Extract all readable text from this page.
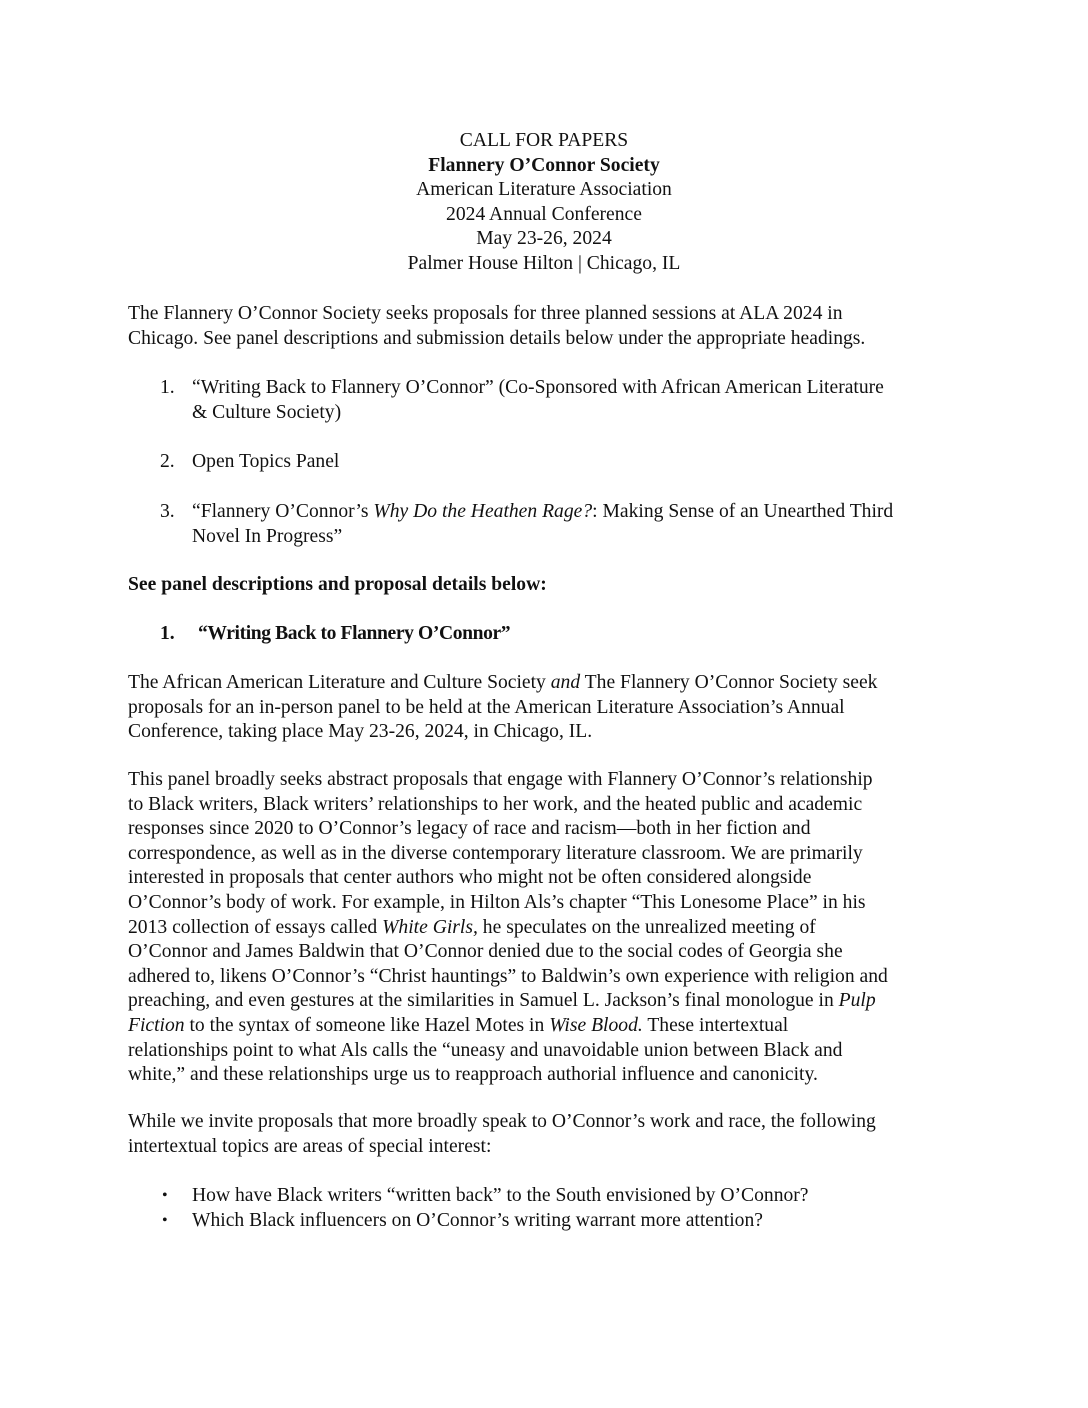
CALL FOR PAPERS
Flannery O’Connor Society
American Literature Association
2024 Annual Conference
May 23-26, 2024
Palmer House Hilton | Chicago, IL
The Flannery O’Connor Society seeks proposals for three planned sessions at ALA 2024 in
Chicago. See panel descriptions and submission details below under the appropriate headings.
1. “Writing Back to Flannery O’Connor” (Co-Sponsored with African American Literature
& Culture Society)
2. Open Topics Panel
3. “Flannery O’Connor’s Why Do the Heathen Rage?: Making Sense of an Unearthed Third
Novel In Progress”
See panel descriptions and proposal details below:
1. “Writing Back to Flannery O’Connor”
The African American Literature and Culture Society and The Flannery O’Connor Society seek
proposals for an in-person panel to be held at the American Literature Association’s Annual
Conference, taking place May 23-26, 2024, in Chicago, IL.
This panel broadly seeks abstract proposals that engage with Flannery O’Connor’s relationship
to Black writers, Black writers’ relationships to her work, and the heated public and academic
responses since 2020 to O’Connor’s legacy of race and racism—both in her fiction and
correspondence, as well as in the diverse contemporary literature classroom. We are primarily
interested in proposals that center authors who might not be often considered alongside
O’Connor’s body of work. For example, in Hilton Als’s chapter “This Lonesome Place” in his
2013 collection of essays called White Girls, he speculates on the unrealized meeting of
O’Connor and James Baldwin that O’Connor denied due to the social codes of Georgia she
adhered to, likens O’Connor’s “Christ hauntings” to Baldwin’s own experience with religion and
preaching, and even gestures at the similarities in Samuel L. Jackson’s final monologue in Pulp
Fiction to the syntax of someone like Hazel Motes in Wise Blood. These intertextual
relationships point to what Als calls the “uneasy and unavoidable union between Black and
white,” and these relationships urge us to reapproach authorial influence and canonicity.
While we invite proposals that more broadly speak to O’Connor’s work and race, the following
intertextual topics are areas of special interest:
• How have Black writers “written back” to the South envisioned by O’Connor?
• Which Black influencers on O’Connor’s writing warrant more attention?
